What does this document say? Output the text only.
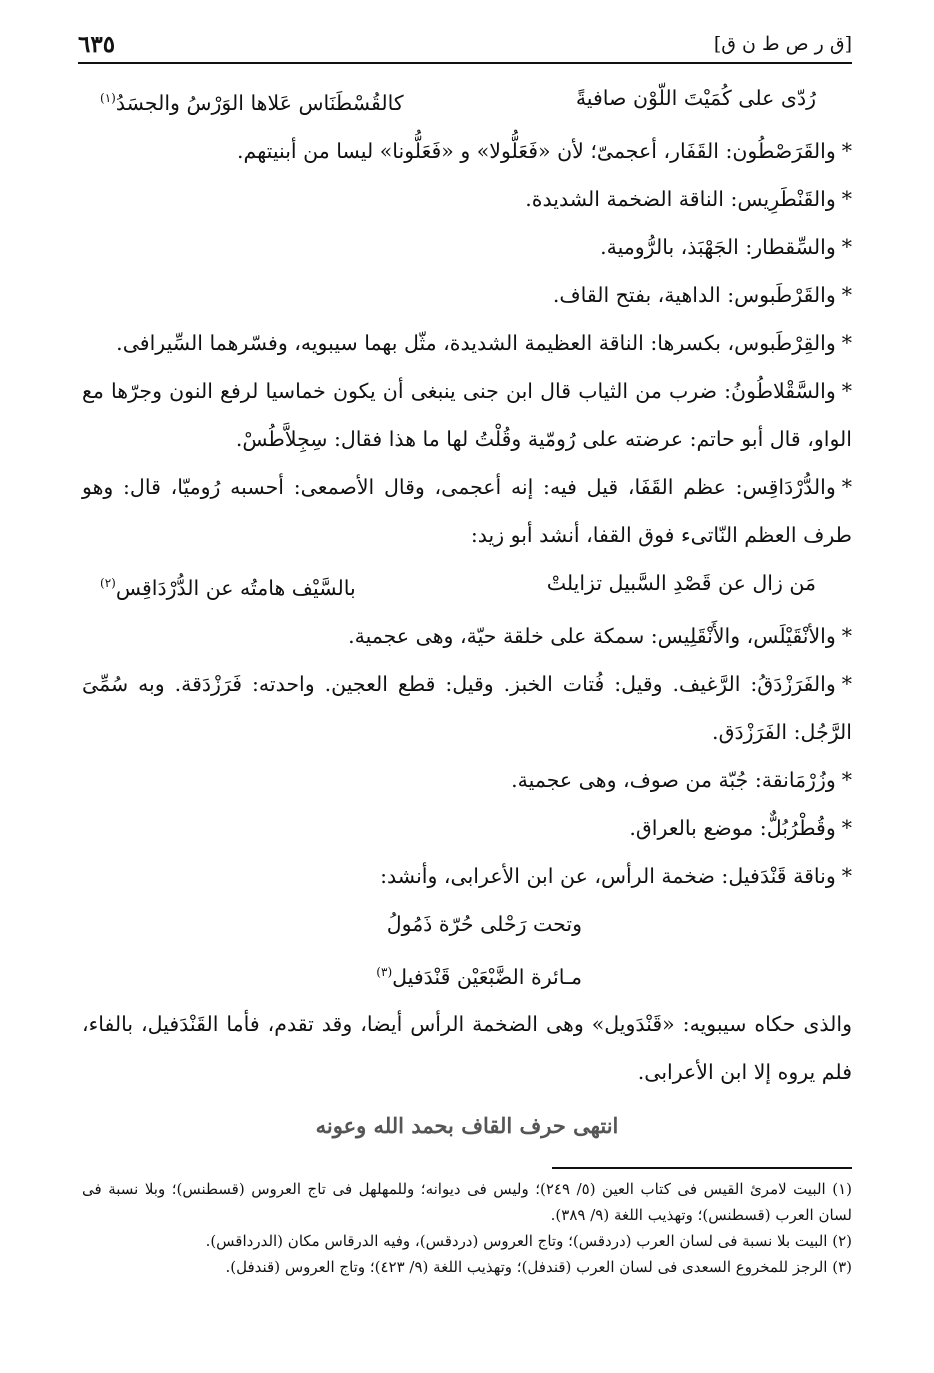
[ق ر ص ط ن ق]
٦٣٥
رُدّى على كُمَيْتَ اللّوْن صافيةً
كالقُسْطَنَاس عَلاها الوَرْسُ والجسَدُ$^{(١)}$
*والقَرَصْطُون: القَفَار، أعجمىّ؛ لأن «فَعَلُّولا» و «فَعَلُّونا» ليسا من أبنيتهم.
*والقَنْطَرِيس: الناقة الضخمة الشديدة.
*والسِّقطار: الجَهْبَذ، بالرُّومية.
*والقَرْطَبوس: الداهية، بفتح القاف.
*والقِرْطَبوس، بكسرها: الناقة العظيمة الشديدة، مثّل بهما سيبويه، وفسّرهما السِّيرافى.
*والسَّقْلاطُونُ: ضرب من الثياب قال ابن جنى ينبغى أن يكون خماسيا لرفع النون وجرّها مع الواو، قال أبو حاتم: عرضته على رُومّية وقُلْتُ لها ما هذا فقال: سِجِلاَّطُسْ.
*والدُّرْدَاقِس: عظم القَفَا، قيل فيه: إنه أعجمى، وقال الأصمعى: أحسبه رُوميّا، قال: وهو طرف العظم النّاتىء فوق القفا، أنشد أبو زيد:
مَن زال عن قَصْدِ السَّبيل تزايلتْ
بالسَّيْف هامتُه عن الدُّرْدَاقِس$^{(٢)}$
*والأنْقَيْلَس، والأَنْقَلِيس: سمكة على خلقة حيّة، وهى عجمية.
*والفَرَزْدَقُ: الرَّغيف. وقيل: فُتات الخبز. وقيل: قطع العجين. واحدته: فَرَزْدَقة. وبه سُمِّىَ الرَّجُل: الفَرَزْدَق.
*وزُرْمَانقة: جُبّة من صوف، وهى عجمية.
*وقُطْرُبُلٌّ: موضع بالعراق.
*وناقة قَنْدَفيل: ضخمة الرأس، عن ابن الأعرابى، وأنشد:
وتحت رَحْلى حُرّة ذَمُولُ
مـائرة الضَّبْعَيْن قَنْدَفيل$^{(٣)}$
والذى حكاه سيبويه: «قَنْدَويل» وهى الضخمة الرأس أيضا، وقد تقدم، فأما القَنْدَفيل، بالفاء، فلم يروه إلا ابن الأعرابى.
انتهى حرف القاف بحمد الله وعونه

(١) البيت لامرئ القيس فى كتاب العين (٥/ ٢٤٩)؛ وليس فى ديوانه؛ وللمهلهل فى تاج العروس (قسطنس)؛ وبلا نسبة فى لسان العرب (قسطنس)؛ وتهذيب اللغة (٩/ ٣٨٩).

(٢) البيت بلا نسبة فى لسان العرب (دردقس)؛ وتاج العروس (دردقس)، وفيه الدرقاس مكان (الدرداقس).

(٣) الرجز للمخروع السعدى فى لسان العرب (قندفل)؛ وتهذيب اللغة (٩/ ٤٢٣)؛ وتاج العروس (قندفل).
